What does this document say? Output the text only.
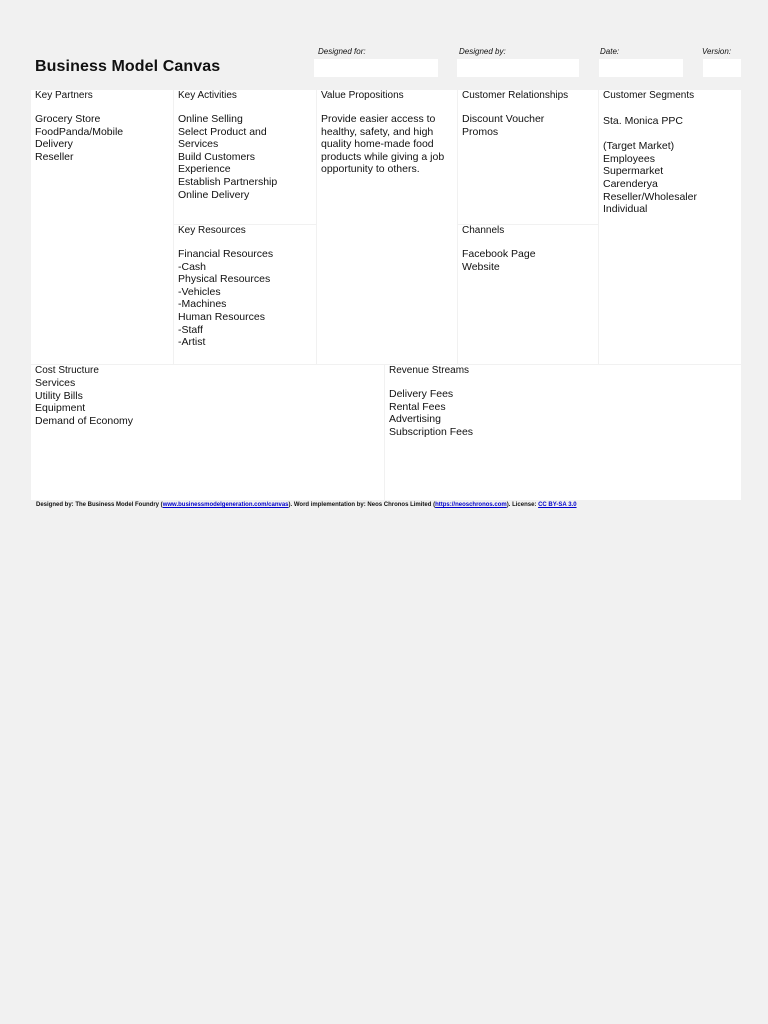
Business Model Canvas
Designed for:	Designed by:	Date:	Version:
Key Partners
Grocery Store
FoodPanda/Mobile
Delivery
Reseller
Key Activities
Online Selling
Select Product and
Services
Build Customers
Experience
Establish Partnership
Online Delivery
Key Resources
Financial Resources
-Cash
Physical Resources
-Vehicles
-Machines
Human Resources
-Staff
-Artist
Value Propositions
Provide easier access to
healthy, safety, and high
quality home-made food
products while giving a job
opportunity to others.
Customer Relationships
Discount Voucher
Promos
Channels
Facebook Page
Website
Customer Segments
Sta. Monica PPC

(Target Market)
Employees
Supermarket
Carenderya
Reseller/Wholesaler
Individual
Cost Structure
Services
Utility Bills
Equipment
Demand of Economy
Revenue Streams
Delivery Fees
Rental Fees
Advertising
Subscription Fees
Designed by: The Business Model Foundry (www.businessmodelgeneration.com/canvas). Word implementation by: Neos Chronos Limited (https://neoschronos.com). License: CC BY-SA 3.0
